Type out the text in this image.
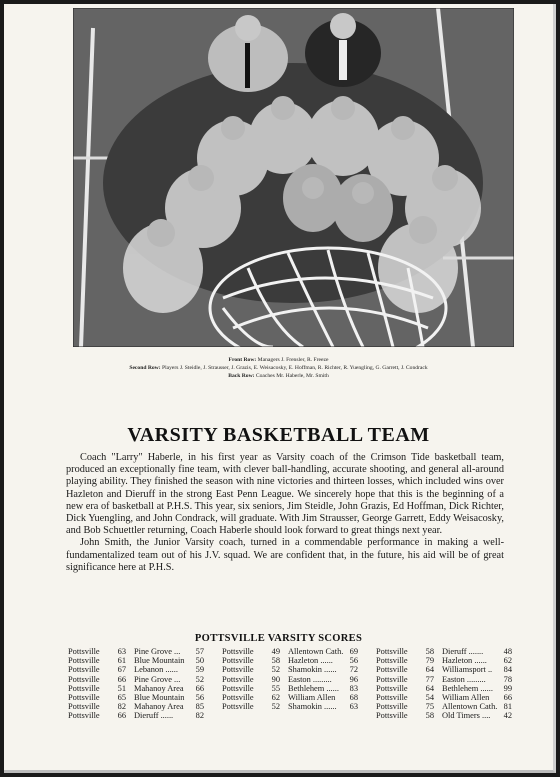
Front Row: Managers J. Frensler, R. Freeze
Second Row: Players J. Steidle, J. Strausser, J. Grazis, E. Weisacosky, E. Hoffman, R. Richter, R. Yuengling, G. Garrett, J. Condrack
Back Row: Coaches Mr. Haberle, Mr. Smith
VARSITY BASKETBALL TEAM

Coach "Larry" Haberle, in his first year as Varsity coach of the Crimson Tide basketball team, produced an exceptionally fine team, with clever ball-handling, accurate shooting, and general all-around playing ability. They finished the season with nine victories and thirteen losses, which included wins over Hazleton and Dieruff in the strong East Penn League. We sincerely hope that this is the beginning of a new era of basketball at P.H.S. This year, six seniors, Jim Steidle, John Grazis, Ed Hoffman, Dick Richter, Dick Yuengling, and John Condrack, will graduate. With Jim Strausser, George Garrett, Eddy Weisacosky, and Bob Schuettler returning, Coach Haberle should look forward to great things next year.

John Smith, the Junior Varsity coach, turned in a commendable performance in making a well-fundamentalized team out of his J.V. squad. We are confident that, in the future, his aid will be of great significance here at P.H.S.

POTTSVILLE VARSITY SCORES
Pottsville 63 Pine Grove ... 57
Pottsville 61 Blue Mountain 50
Pottsville 67 Lebanon ...... 59
Pottsville 66 Pine Grove ... 52
Pottsville 51 Mahanoy Area 66
Pottsville 65 Blue Mountain 56
Pottsville 82 Mahanoy Area 85
Pottsville 66 Dieruff ......	82
Pottsville 49 Allentown Cath. 69
Pottsville 58 Hazleton ...... 56
Pottsville 52 Shamokin ...... 72
Pottsville 90 Easton ......... 96
Pottsville 55 Bethlehem ...... 83
Pottsville 62 William Allen 68
Pottsville 52 Shamokin ...... 63
Pottsville 58 Dieruff ....... 48
Pottsville 79 Hazleton ...... 62
Pottsville 64 Williamsport .. 84
Pottsville 77 Easton ......... 78
Pottsville 64 Bethlehem ...... 99
Pottsville 54 William Allen 66
Pottsville 75 Allentown Cath. 81
Pottsville 58 Old Timers .... 42
